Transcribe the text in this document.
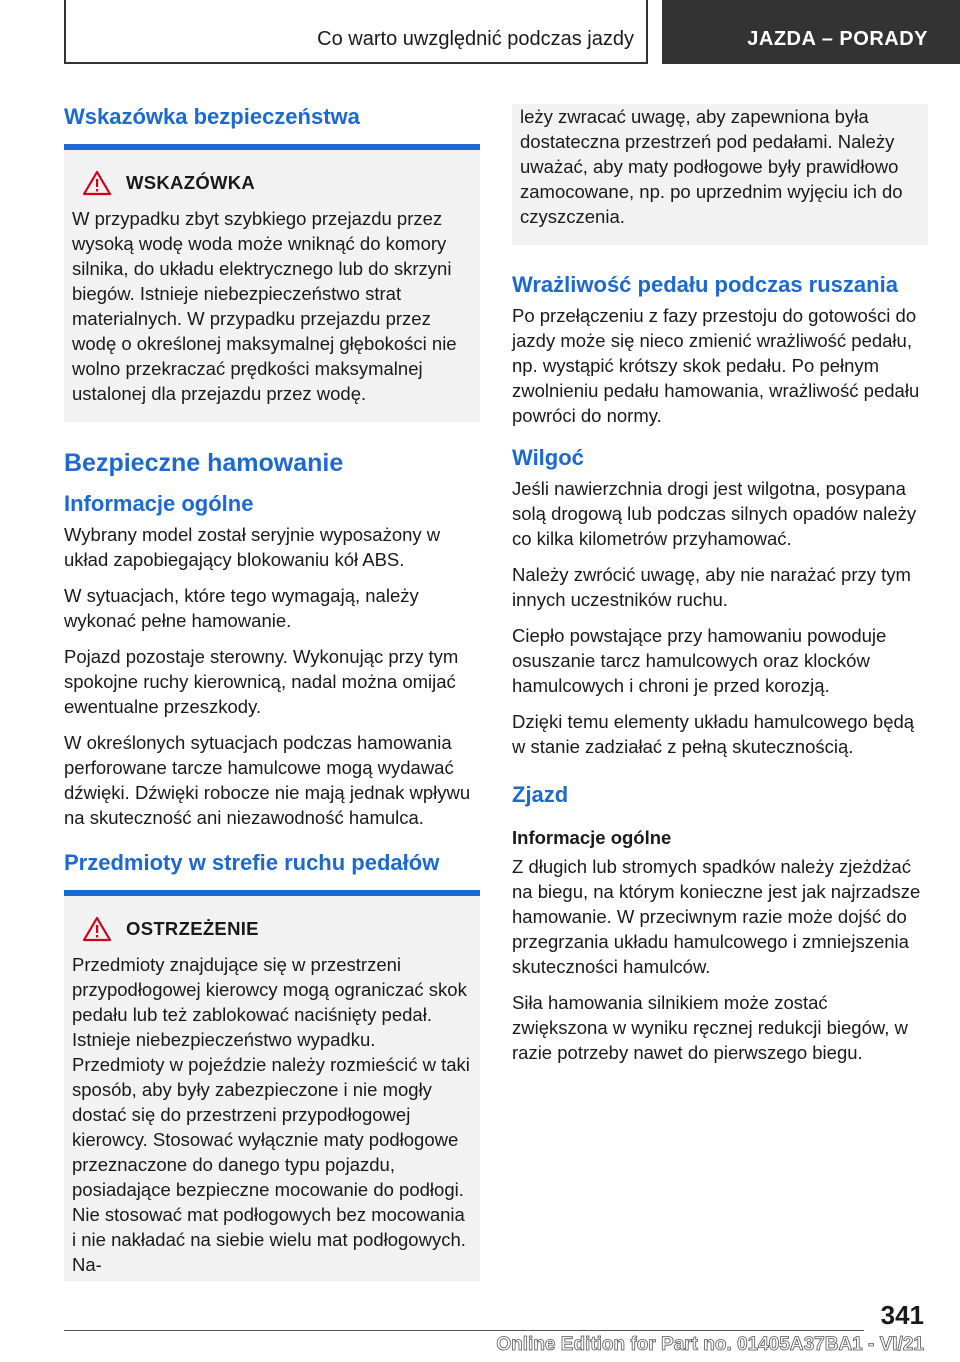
Co warto uwzględnić podczas jazdy	JAZDA – PORADY
Wskazówka bezpieczeństwa
WSKAZÓWKA

W przypadku zbyt szybkiego przejazdu przez wysoką wodę woda może wniknąć do komory silnika, do układu elektrycznego lub do skrzyni biegów. Istnieje niebezpieczeństwo strat materialnych. W przypadku przejazdu przez wodę o określonej maksymalnej głębokości nie wolno przekraczać prędkości maksymalnej ustalonej dla przejazdu przez wodę.

Bezpieczne hamowanie
Informacje ogólne

Wybrany model został seryjnie wyposażony w układ zapobiegający blokowaniu kół ABS.

W sytuacjach, które tego wymagają, należy wykonać pełne hamowanie.

Pojazd pozostaje sterowny. Wykonując przy tym spokojne ruchy kierownicą, nadal można omijać ewentualne przeszkody.

W określonych sytuacjach podczas hamowania perforowane tarcze hamulcowe mogą wydawać dźwięki. Dźwięki robocze nie mają jednak wpływu na skuteczność ani niezawodność hamulca.

Przedmioty w strefie ruchu pedałów
OSTRZEŻENIE

Przedmioty znajdujące się w przestrzeni przypodłogowej kierowcy mogą ograniczać skok pedału lub też zablokować naciśnięty pedał. Istnieje niebezpieczeństwo wypadku. Przedmioty w pojeździe należy rozmieścić w taki sposób, aby były zabezpieczone i nie mogły dostać się do przestrzeni przypodłogowej kierowcy. Stosować wyłącznie maty podłogowe przeznaczone do danego typu pojazdu, posiadające bezpieczne mocowanie do podłogi. Nie stosować mat podłogowych bez mocowania i nie nakładać na siebie wielu mat podłogowych. Na-

leży zwracać uwagę, aby zapewniona była dostateczna przestrzeń pod pedałami. Należy uważać, aby maty podłogowe były prawidłowo zamocowane, np. po uprzednim wyjęciu ich do czyszczenia.

Wrażliwość pedału podczas ruszania

Po przełączeniu z fazy przestoju do gotowości do jazdy może się nieco zmienić wrażliwość pedału, np. wystąpić krótszy skok pedału. Po pełnym zwolnieniu pedału hamowania, wrażliwość pedału powróci do normy.

Wilgoć

Jeśli nawierzchnia drogi jest wilgotna, posypana solą drogową lub podczas silnych opadów należy co kilka kilometrów przyhamować.

Należy zwrócić uwagę, aby nie narażać przy tym innych uczestników ruchu.

Ciepło powstające przy hamowaniu powoduje osuszanie tarcz hamulcowych oraz klocków hamulcowych i chroni je przed korozją.

Dzięki temu elementy układu hamulcowego będą w stanie zadziałać z pełną skutecznością.

Zjazd
Informacje ogólne

Z długich lub stromych spadków należy zjeżdżać na biegu, na którym konieczne jest jak najrzadsze hamowanie. W przeciwnym razie może dojść do przegrzania układu hamulcowego i zmniejszenia skuteczności hamulców.

Siła hamowania silnikiem może zostać zwiększona w wyniku ręcznej redukcji biegów, w razie potrzeby nawet do pierwszego biegu.

341
Online Edition for Part no. 01405A37BA1 - VI/21
